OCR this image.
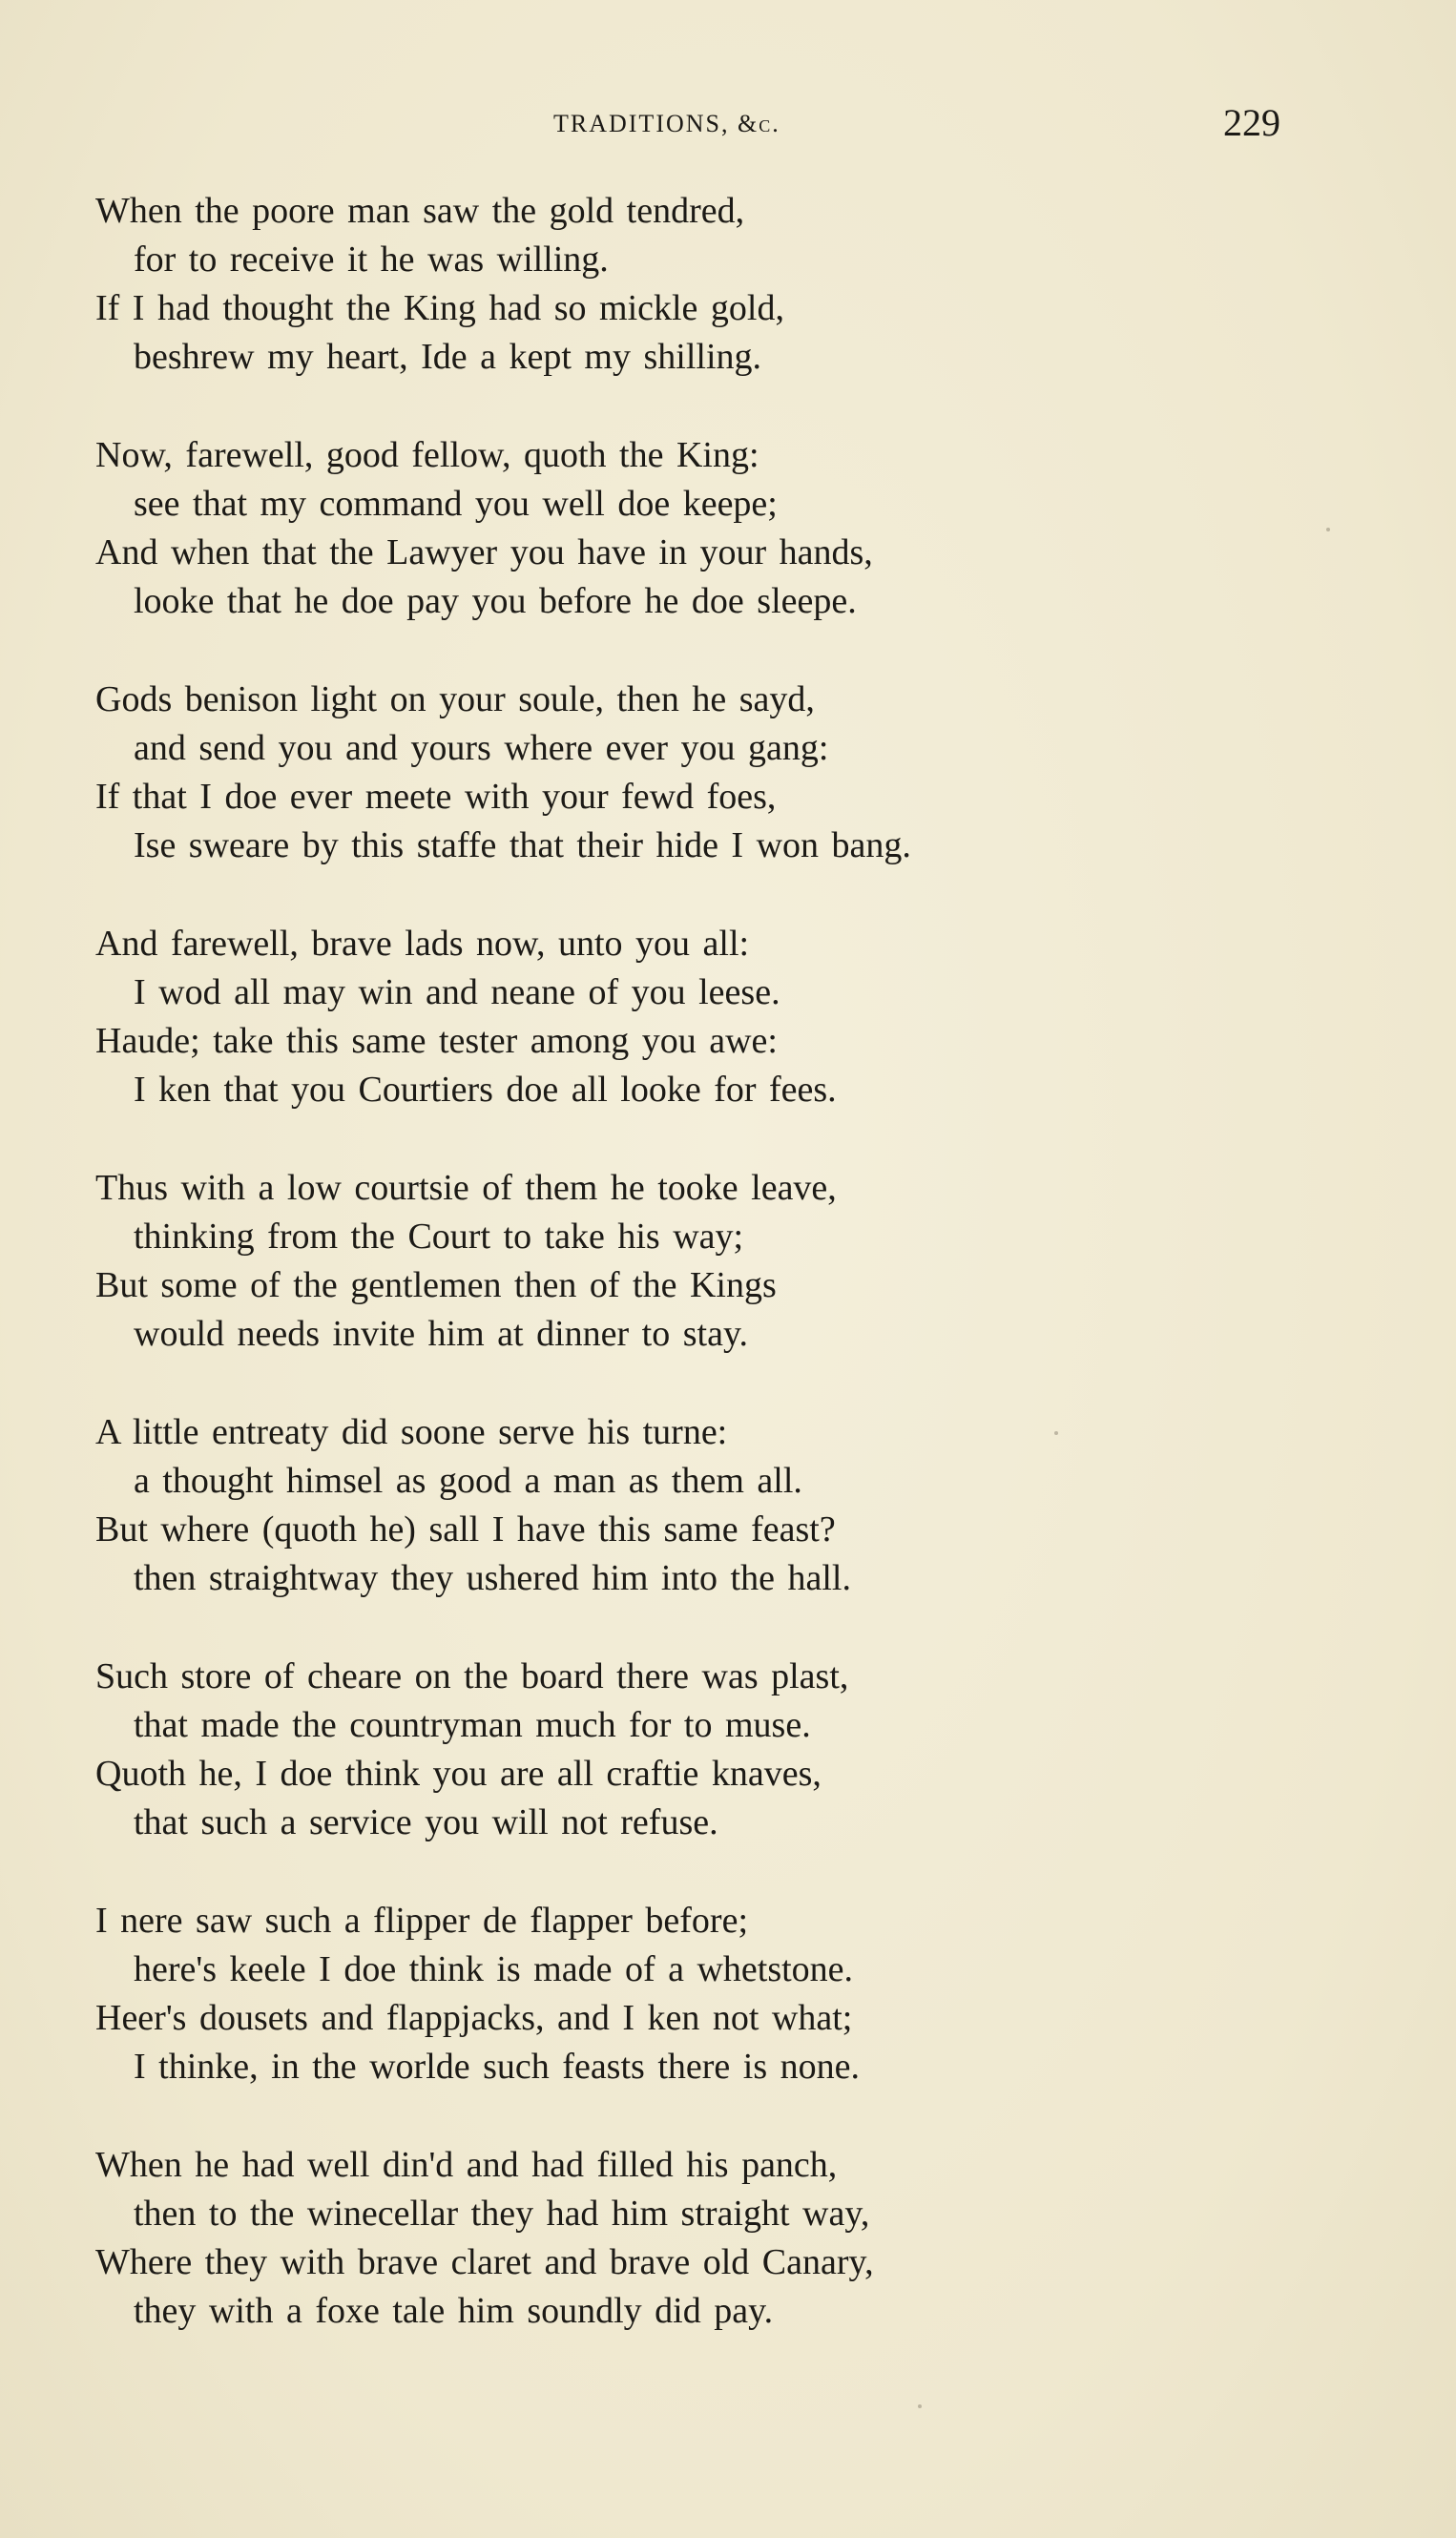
TRADITIONS, &c.	229
When the poore man saw the gold tendred,
for to receive it he was willing.
If I had thought the King had so mickle gold,
beshrew my heart, Ide a kept my shilling.
Now, farewell, good fellow, quoth the King:
see that my command you well doe keepe;
And when that the Lawyer you have in your hands,
looke that he doe pay you before he doe sleepe.
Gods benison light on your soule, then he sayd,
and send you and yours where ever you gang:
If that I doe ever meete with your fewd foes,
Ise sweare by this staffe that their hide I won bang.
And farewell, brave lads now, unto you all:
I wod all may win and neane of you leese.
Haude; take this same tester among you awe:
I ken that you Courtiers doe all looke for fees.
Thus with a low courtsie of them he tooke leave,
thinking from the Court to take his way;
But some of the gentlemen then of the Kings
would needs invite him at dinner to stay.
A little entreaty did soone serve his turne:
a thought himsel as good a man as them all.
But where (quoth he) sall I have this same feast?
then straightway they ushered him into the hall.
Such store of cheare on the board there was plast,
that made the countryman much for to muse.
Quoth he, I doe think you are all craftie knaves,
that such a service you will not refuse.
I nere saw such a flipper de flapper before;
here's keele I doe think is made of a whetstone.
Heer's dousets and flappjacks, and I ken not what;
I thinke, in the worlde such feasts there is none.
When he had well din'd and had filled his panch,
then to the winecellar they had him straight way,
Where they with brave claret and brave old Canary,
they with a foxe tale him soundly did pay.
